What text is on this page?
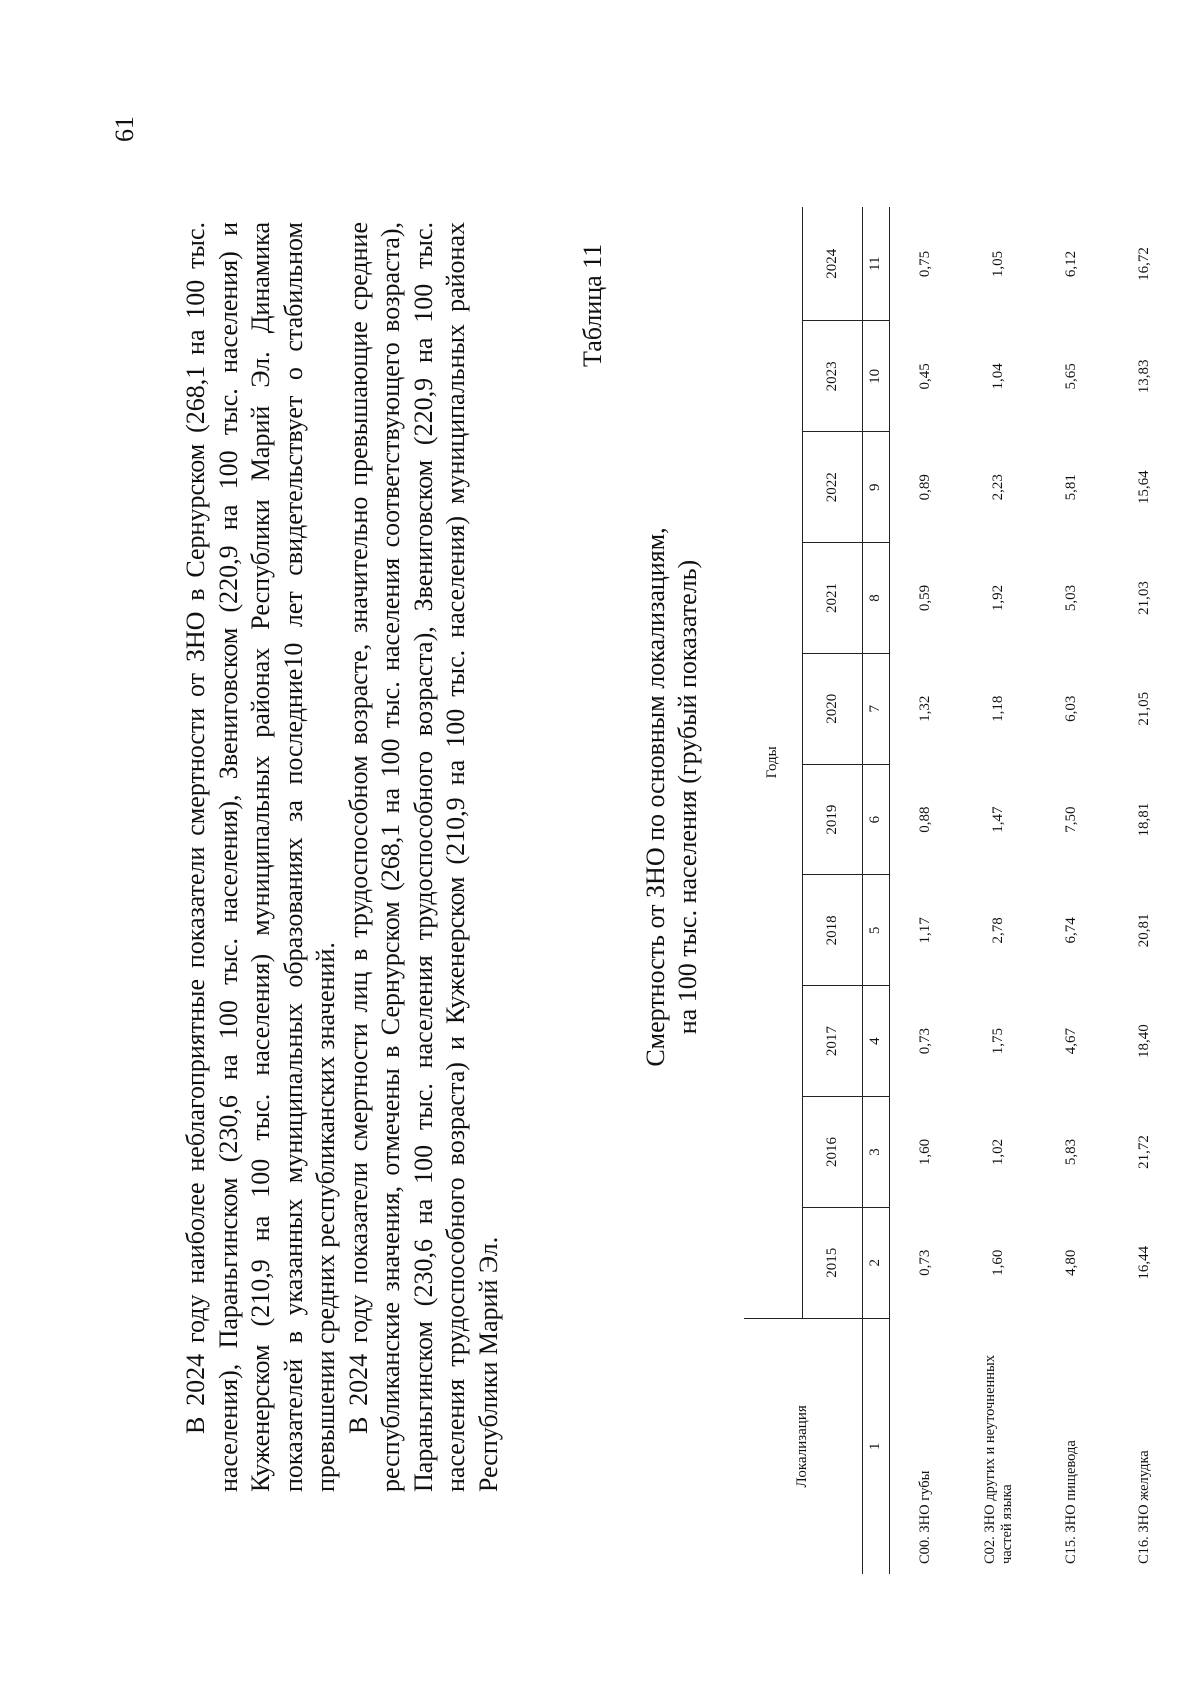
61

В 2024 году наиболее неблагоприятные показатели смертности от ЗНО в Сернурском (268,1 на 100 тыс. населения), Параньгинском (230,6 на 100 тыс. населения), Звениговском (220,9 на 100 тыс. населения) и Куженерском (210,9 на 100 тыс. населения) муниципальных районах Республики Марий Эл. Динамика показателей в указанных муниципальных образованиях за последние10 лет свидетельствует о стабильном превышении средних республиканских значений. В 2024 году показатели смертности лиц в трудоспособном возрасте, значительно превышающие средние республиканские значения, отмечены в Сернурском (268,1 на 100 тыс. населения соответствующего возраста), Параньгинском (230,6 на 100 тыс. населения трудоспособного возраста), Звениговском (220,9 на 100 тыс. населения трудоспособного возраста) и Куженерском (210,9 на 100 тыс. населения) муниципальных районах Республики Марий Эл.

Таблица 11
Смертность от ЗНО по основным локализациям, на 100 тыс. населения (грубый показатель)
Локализация	Годы									
	2015	2016	2017	2018	2019	2020	2021	2022	2023	2024
1	2	3	4	5	6	7	8	9	10	11
С00. ЗНО губы	0,73	1,60	0,73	1,17	0,88	1,32	0,59	0,89	0,45	0,75
С02. ЗНО других и неуточненных частей языка	1,60	1,02	1,75	2,78	1,47	1,18	1,92	2,23	1,04	1,05
С15. ЗНО пищевода	4,80	5,83	4,67	6,74	7,50	6,03	5,03	5,81	5,65	6,12
С16. ЗНО желудка	16,44	21,72	18,40	20,81	18,81	21,05	21,03	15,64	13,83	16,72
